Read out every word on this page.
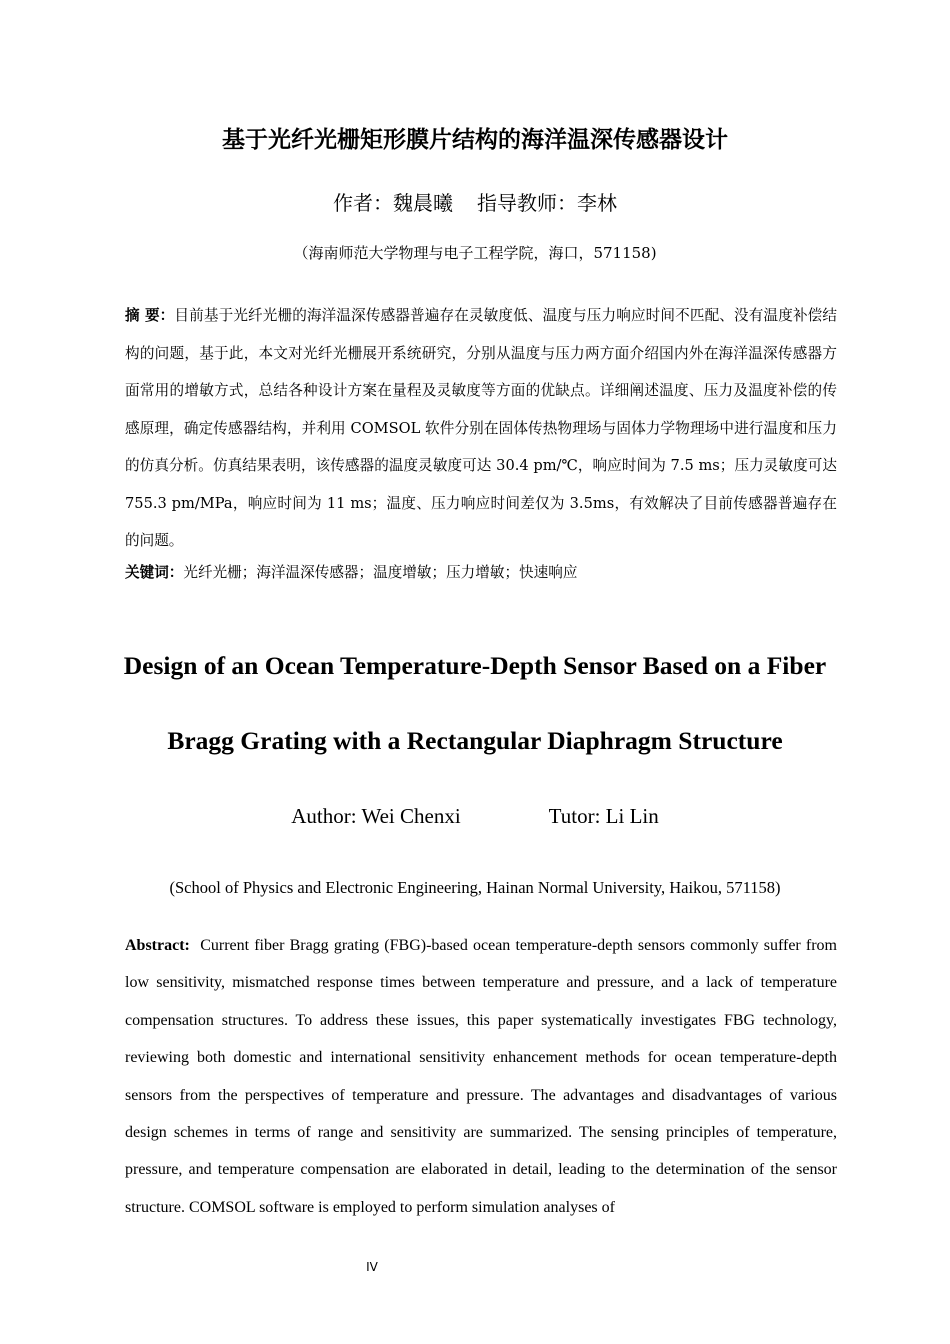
基于光纤光栅矩形膜片结构的海洋温深传感器设计
作者：魏晨曦 指导教师：李林
（海南师范大学物理与电子工程学院，海口，571158)

摘 要：目前基于光纤光栅的海洋温深传感器普遍存在灵敏度低、温度与压力响应时间不匹配、没有温度补偿结构的问题，基于此，本文对光纤光栅展开系统研究，分别从温度与压力两方面介绍国内外在海洋温深传感器方面常用的增敏方式，总结各种设计方案在量程及灵敏度等方面的优缺点。详细阐述温度、压力及温度补偿的传感原理，确定传感器结构，并利用 COMSOL 软件分别在固体传热物理场与固体力学物理场中进行温度和压力的仿真分析。仿真结果表明，该传感器的温度灵敏度可达 30.4 pm/℃，响应时间为 7.5 ms；压力灵敏度可达 755.3 pm/MPa，响应时间为 11 ms；温度、压力响应时间差仅为 3.5ms，有效解决了目前传感器普遍存在的问题。

关键词：光纤光栅；海洋温深传感器；温度增敏；压力增敏；快速响应

Design of an Ocean Temperature-Depth Sensor Based on a Fiber Bragg Grating with a Rectangular Diaphragm Structure
Author: Wei Chenxi	Tutor: Li Lin
(School of Physics and Electronic Engineering, Hainan Normal University, Haikou, 571158)

Abstract: Current fiber Bragg grating (FBG)-based ocean temperature-depth sensors commonly suffer from low sensitivity, mismatched response times between temperature and pressure, and a lack of temperature compensation structures. To address these issues, this paper systematically investigates FBG technology, reviewing both domestic and international sensitivity enhancement methods for ocean temperature-depth sensors from the perspectives of temperature and pressure. The advantages and disadvantages of various design schemes in terms of range and sensitivity are summarized. The sensing principles of temperature, pressure, and temperature compensation are elaborated in detail, leading to the determination of the sensor structure. COMSOL software is employed to perform simulation analyses of

IV
